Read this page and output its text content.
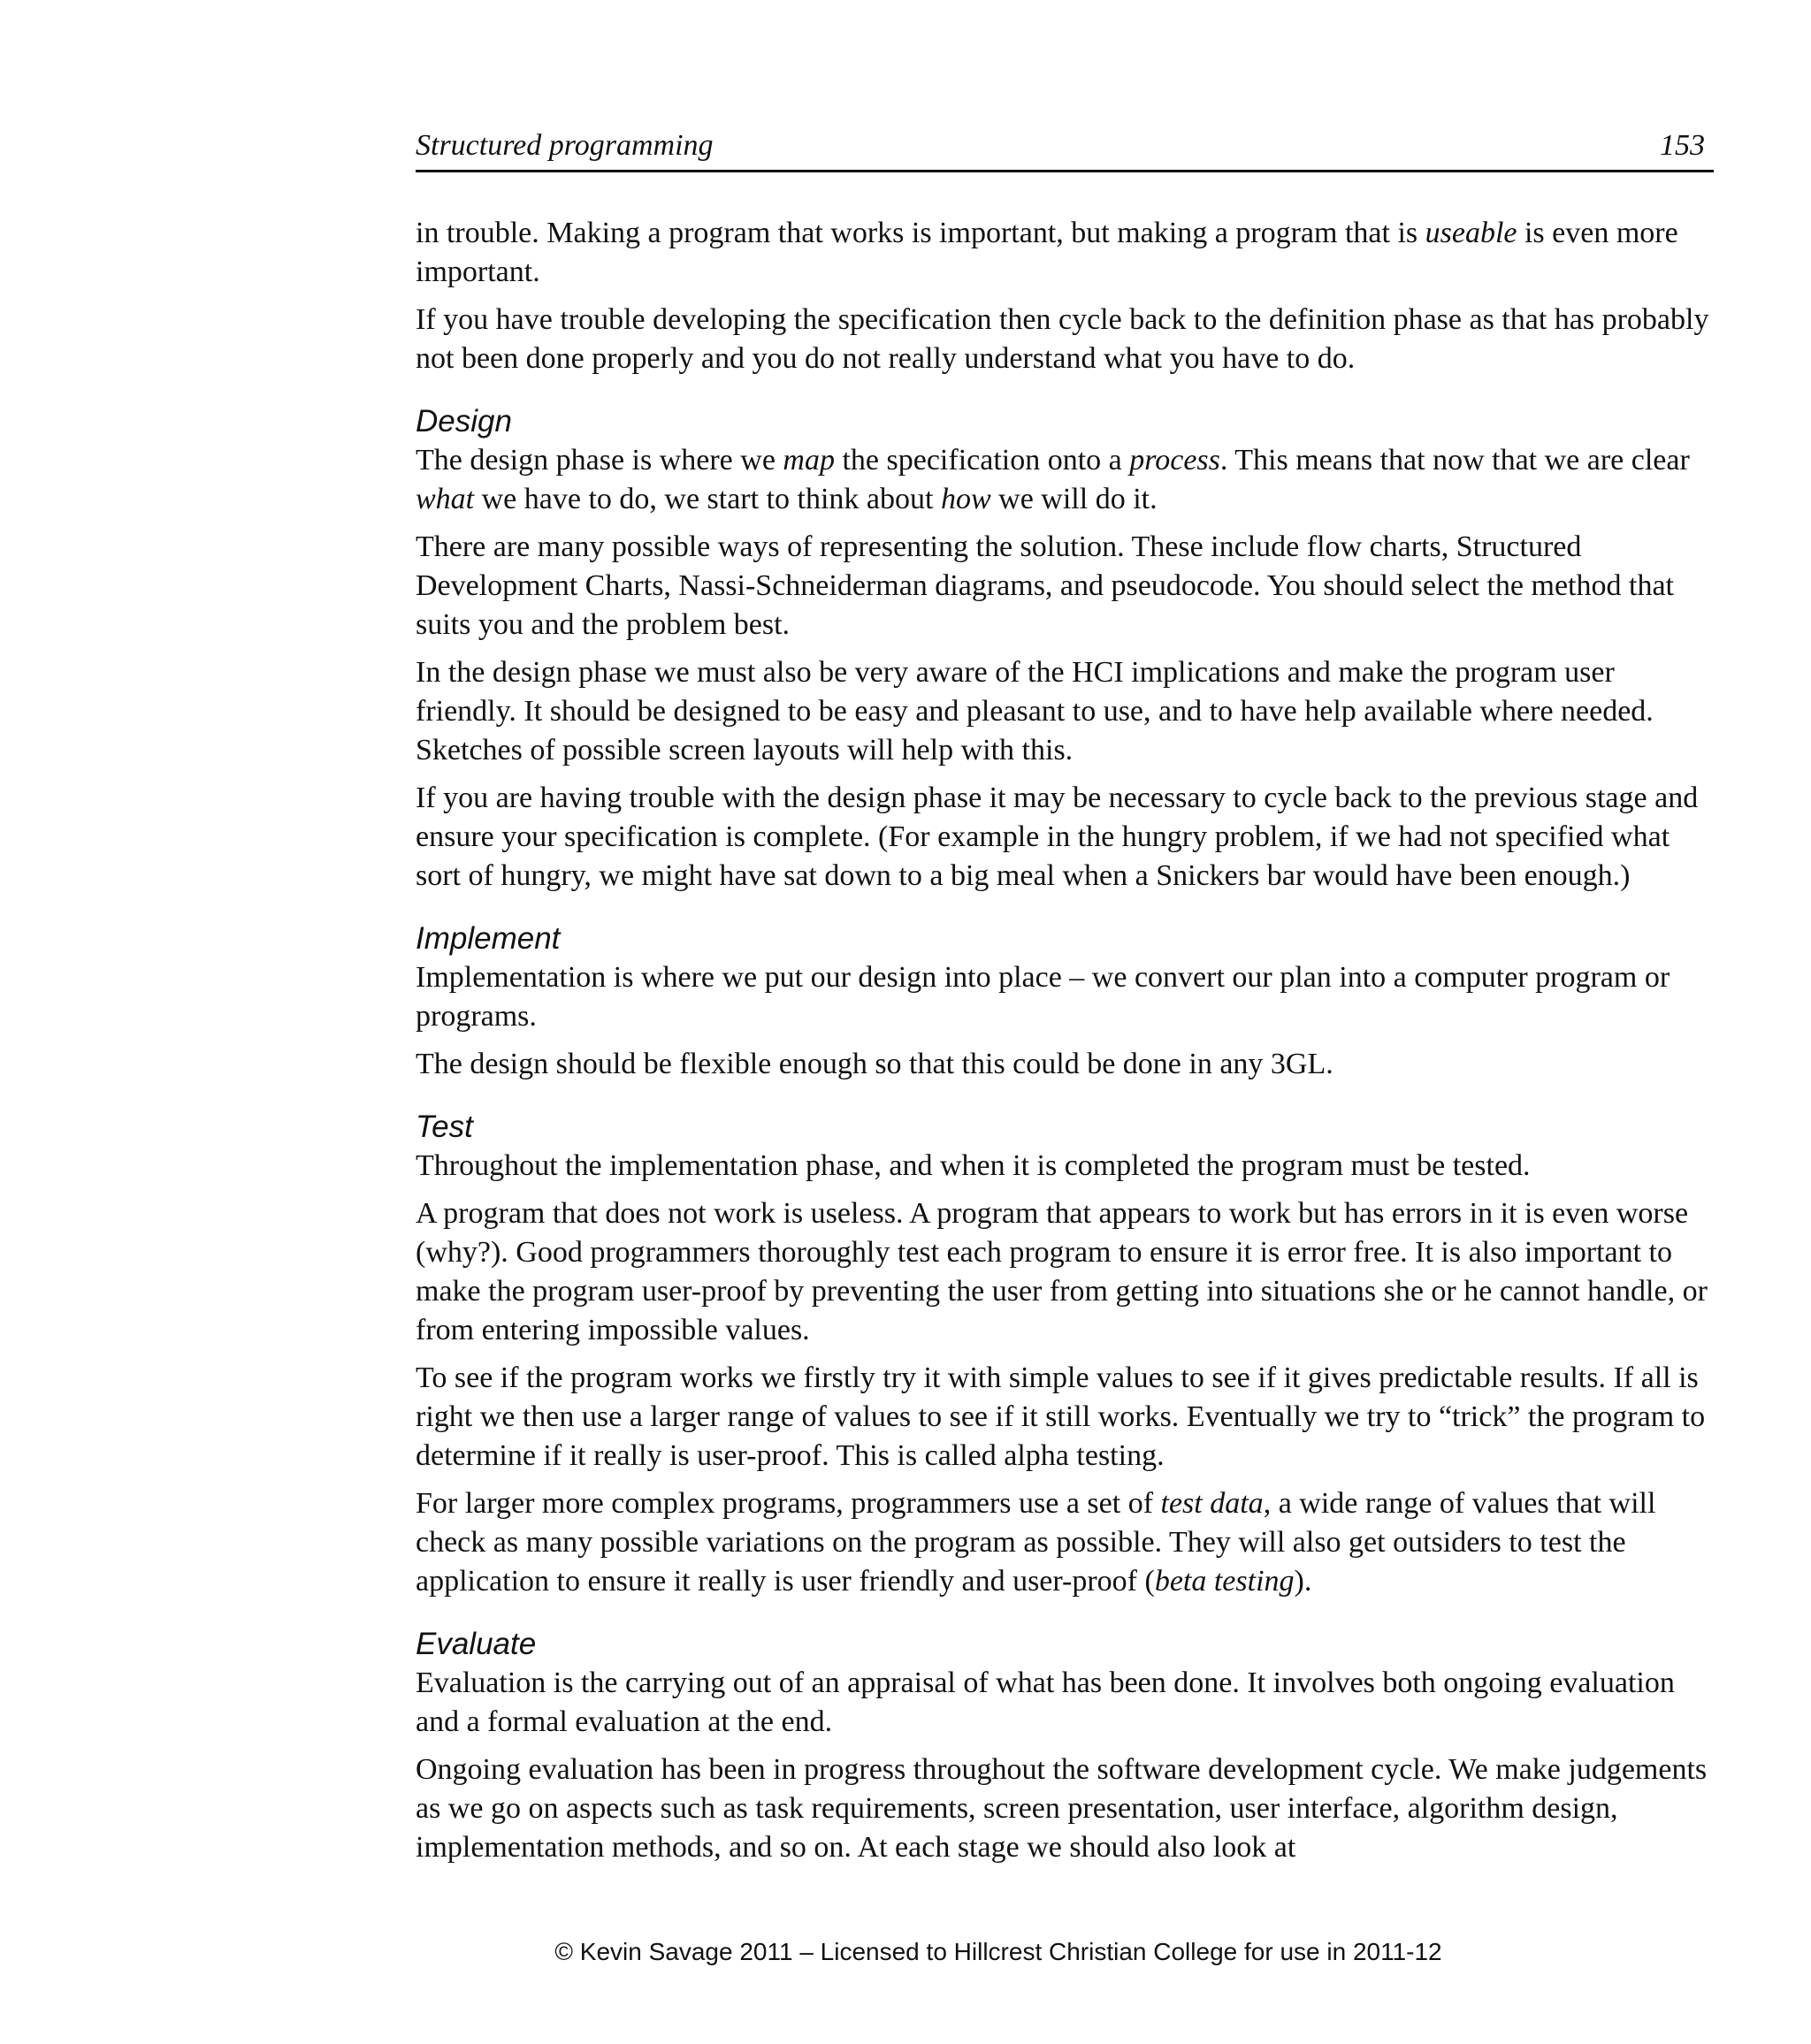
Structured programming	153

in trouble. Making a program that works is important, but making a program that is useable is even more important.

If you have trouble developing the specification then cycle back to the definition phase as that has probably not been done properly and you do not really understand what you have to do.

Design

The design phase is where we map the specification onto a process. This means that now that we are clear what we have to do, we start to think about how we will do it.

There are many possible ways of representing the solution. These include flow charts, Structured Development Charts, Nassi-Schneiderman diagrams, and pseudocode. You should select the method that suits you and the problem best.

In the design phase we must also be very aware of the HCI implications and make the program user friendly. It should be designed to be easy and pleasant to use, and to have help available where needed. Sketches of possible screen layouts will help with this.

If you are having trouble with the design phase it may be necessary to cycle back to the previous stage and ensure your specification is complete. (For example in the hungry problem, if we had not specified what sort of hungry, we might have sat down to a big meal when a Snickers bar would have been enough.)

Implement

Implementation is where we put our design into place – we convert our plan into a computer program or programs.

The design should be flexible enough so that this could be done in any 3GL.

Test

Throughout the implementation phase, and when it is completed the program must be tested.

A program that does not work is useless. A program that appears to work but has errors in it is even worse (why?). Good programmers thoroughly test each program to ensure it is error free. It is also important to make the program user-proof by preventing the user from getting into situations she or he cannot handle, or from entering impossible values.

To see if the program works we firstly try it with simple values to see if it gives predictable results. If all is right we then use a larger range of values to see if it still works. Eventually we try to “trick” the program to determine if it really is user-proof. This is called alpha testing.

For larger more complex programs, programmers use a set of test data, a wide range of values that will check as many possible variations on the program as possible. They will also get outsiders to test the application to ensure it really is user friendly and user-proof (beta testing).

Evaluate

Evaluation is the carrying out of an appraisal of what has been done. It involves both ongoing evaluation and a formal evaluation at the end.

Ongoing evaluation has been in progress throughout the software development cycle. We make judgements as we go on aspects such as task requirements, screen presentation, user interface, algorithm design, implementation methods, and so on. At each stage we should also look at

© Kevin Savage 2011 – Licensed to Hillcrest Christian College for use in 2011-12
